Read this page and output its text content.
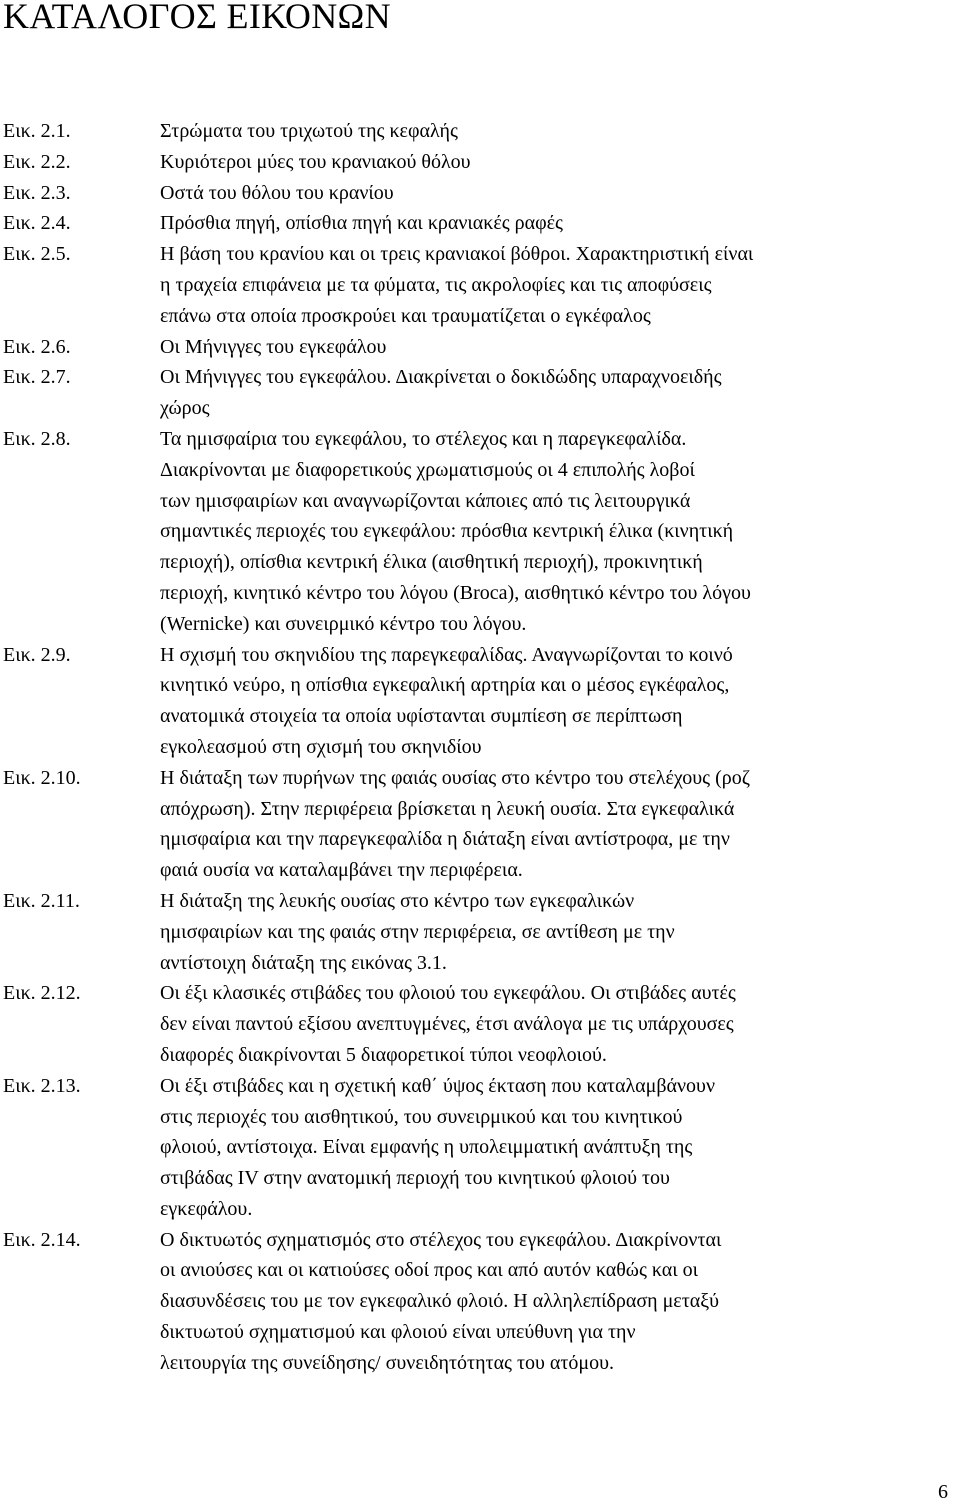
ΚΑΤΑΛΟΓΟΣ ΕΙΚΟΝΩΝ
Εικ. 2.1.	Στρώματα του τριχωτού της κεφαλής
Εικ. 2.2.	Κυριότεροι μύες του κρανιακού θόλου
Εικ. 2.3.	Οστά του θόλου του κρανίου
Εικ. 2.4.	Πρόσθια πηγή, οπίσθια πηγή και κρανιακές ραφές
Εικ. 2.5.	Η βάση του κρανίου και οι τρεις κρανιακοί βόθροι. Χαρακτηριστική είναι
η τραχεία επιφάνεια με τα φύματα, τις ακρολοφίες και τις αποφύσεις
επάνω στα οποία προσκρούει και τραυματίζεται ο εγκέφαλος
Εικ. 2.6.	Οι Μήνιγγες του εγκεφάλου
Εικ. 2.7.	Οι Μήνιγγες του εγκεφάλου. Διακρίνεται ο δοκιδώδης υπαραχνοειδής
χώρος
Εικ. 2.8.	Τα ημισφαίρια του εγκεφάλου, το στέλεχος και η παρεγκεφαλίδα.
Διακρίνονται με διαφορετικούς χρωματισμούς οι 4 επιπολής λοβοί
των ημισφαιρίων και αναγνωρίζονται κάποιες από τις λειτουργικά
σημαντικές περιοχές του εγκεφάλου: πρόσθια κεντρική έλικα (κινητική
περιοχή), οπίσθια κεντρική έλικα (αισθητική περιοχή), προκινητική
περιοχή, κινητικό κέντρο του λόγου (Broca), αισθητικό κέντρο του λόγου
(Wernicke) και συνειρμικό κέντρο του λόγου.
Εικ. 2.9.	Η σχισμή του σκηνιδίου της παρεγκεφαλίδας. Αναγνωρίζονται το κοινό
κινητικό νεύρο, η οπίσθια εγκεφαλική αρτηρία και ο μέσος εγκέφαλος,
ανατομικά στοιχεία τα οποία υφίστανται συμπίεση σε περίπτωση
εγκολεασμού στη σχισμή του σκηνιδίου
Εικ. 2.10.	Η διάταξη των πυρήνων της φαιάς ουσίας στο κέντρο του στελέχους (ροζ
απόχρωση). Στην περιφέρεια βρίσκεται η λευκή ουσία. Στα εγκεφαλικά
ημισφαίρια και την παρεγκεφαλίδα η διάταξη είναι αντίστροφα, με την
φαιά ουσία να καταλαμβάνει την περιφέρεια.
Εικ. 2.11.	Η διάταξη της λευκής ουσίας στο κέντρο των εγκεφαλικών
ημισφαιρίων και της φαιάς στην περιφέρεια, σε αντίθεση με την
αντίστοιχη διάταξη της εικόνας 3.1.
Εικ. 2.12.	Οι έξι κλασικές στιβάδες του φλοιού του εγκεφάλου. Οι στιβάδες αυτές
δεν είναι παντού εξίσου ανεπτυγμένες, έτσι ανάλογα με τις υπάρχουσες
διαφορές διακρίνονται 5 διαφορετικοί τύποι νεοφλοιού.
Εικ. 2.13.	Οι έξι στιβάδες και η σχετική καθ΄ ύψος έκταση που καταλαμβάνουν
στις περιοχές του αισθητικού, του συνειρμικού και του κινητικού
φλοιού, αντίστοιχα. Είναι εμφανής η υπολειμματική ανάπτυξη της
στιβάδας IV στην ανατομική περιοχή του κινητικού φλοιού του
εγκεφάλου.
Εικ. 2.14.	Ο δικτυωτός σχηματισμός στο στέλεχος του εγκεφάλου. Διακρίνονται
οι ανιούσες και οι κατιούσες οδοί προς και από αυτόν καθώς και οι
διασυνδέσεις του με τον εγκεφαλικό φλοιό. Η αλληλεπίδραση μεταξύ
δικτυωτού σχηματισμού και φλοιού είναι υπεύθυνη για την
λειτουργία της συνείδησης/ συνειδητότητας του ατόμου.
6
